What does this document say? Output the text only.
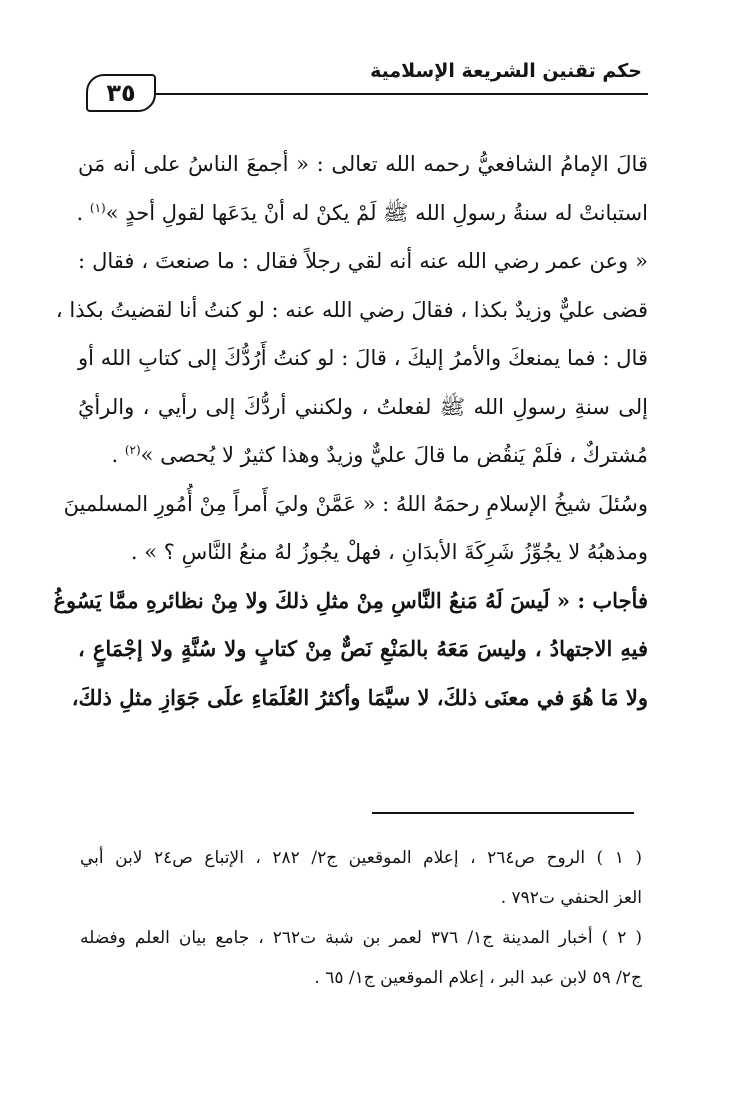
حكم تقنين الشريعة الإسلامية
٣٥
قالَ الإمامُ الشافعيُّ رحمه الله تعالى : « أجمعَ الناسُ على أنه مَن
استبانتْ له سنةُ رسولِ الله ﷺ لَمْ يكنْ له أنْ يدَعَها لقولِ أحدٍ »$^{(١)}$ .
« وعن عمر رضي الله عنه أنه لقي رجلاً فقال : ما صنعتَ ، فقال :
قضى عليٌّ وزيدٌ بكذا ، فقالَ رضي الله عنه : لو كنتُ أنا لقضيتُ بكذا ،
قال : فما يمنعكَ والأمرُ إليكَ ، قالَ : لو كنتُ أَرُدُّكَ إلى كتابِ الله أو
إلى سنةِ رسولِ الله ﷺ لفعلتُ ، ولكنني أردُّكَ إلى رأيي ، والرأيُ
مُشتركٌ ، فلَمْ يَنقُض ما قالَ عليٌّ وزيدٌ وهذا كثيرٌ لا يُحصى »$^{(٢)}$ .
وسُئلَ شيخُ الإسلامِ رحمَهُ اللهُ : « عَمَّنْ وليَ أَمراً مِنْ أُمُورِ المسلمينَ
ومذهبُهُ لا يجُوِّزُ شَرِكَةَ الأبدَانِ ، فهلْ يجُوزُ لهُ منعُ النَّاسِ ؟ » .
فأجاب : « لَيسَ لَهُ مَنعُ النَّاسِ مِنْ مثلِ ذلكَ ولا مِنْ نظائرهِ ممَّا يَسُوغُ
فيهِ الاجتهادُ ، وليسَ مَعَهُ بالمَنْعِ نَصٌّ مِنْ كتابٍ ولا سُنَّةٍ ولا إجْمَاعٍ ،
ولا مَا هُوَ في معنَى ذلكَ، لا سيَّمَا وأكثرُ العُلَمَاءِ علَى جَوَازِ مثلِ ذلكَ،
( ١ ) الروح ص٢٦٤ ، إعلام الموقعين ج٢/ ٢٨٢ ، الإتباع ص٢٤ لابن أبي
العز الحنفي ت٧٩٢ .
( ٢ ) أخبار المدينة ج١/ ٣٧٦ لعمر بن شبة ت٢٦٢ ، جامع بيان العلم وفضله
ج٢/ ٥٩ لابن عبد البر ، إعلام الموقعين ج١/ ٦٥ .
